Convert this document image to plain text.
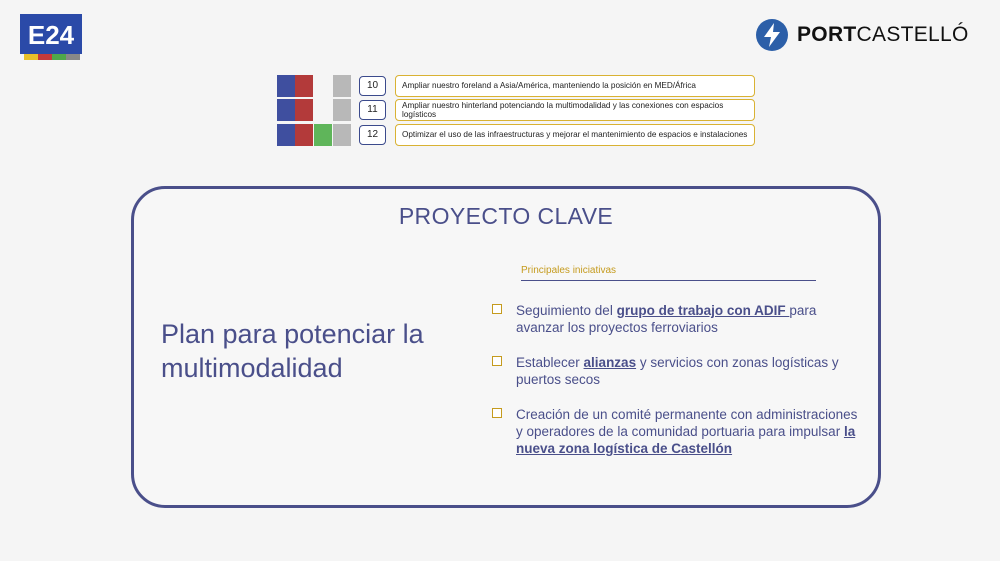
E24	PORTCASTELLÓ
10	Ampliar nuestro foreland a Asia/América, manteniendo la posición en MED/África
11	Ampliar nuestro hinterland potenciando la multimodalidad y las conexiones con espacios logísticos
12	Optimizar el uso de las infraestructuras y mejorar el mantenimiento de espacios e instalaciones
PROYECTO CLAVE
Plan para potenciar la multimodalidad
Principales iniciativas
Seguimiento del grupo de trabajo con ADIF para avanzar los proyectos ferroviarios
Establecer alianzas y servicios con zonas logísticas y puertos secos
Creación de un comité permanente con administraciones y operadores de la comunidad portuaria para impulsar la nueva zona logística de Castellón
